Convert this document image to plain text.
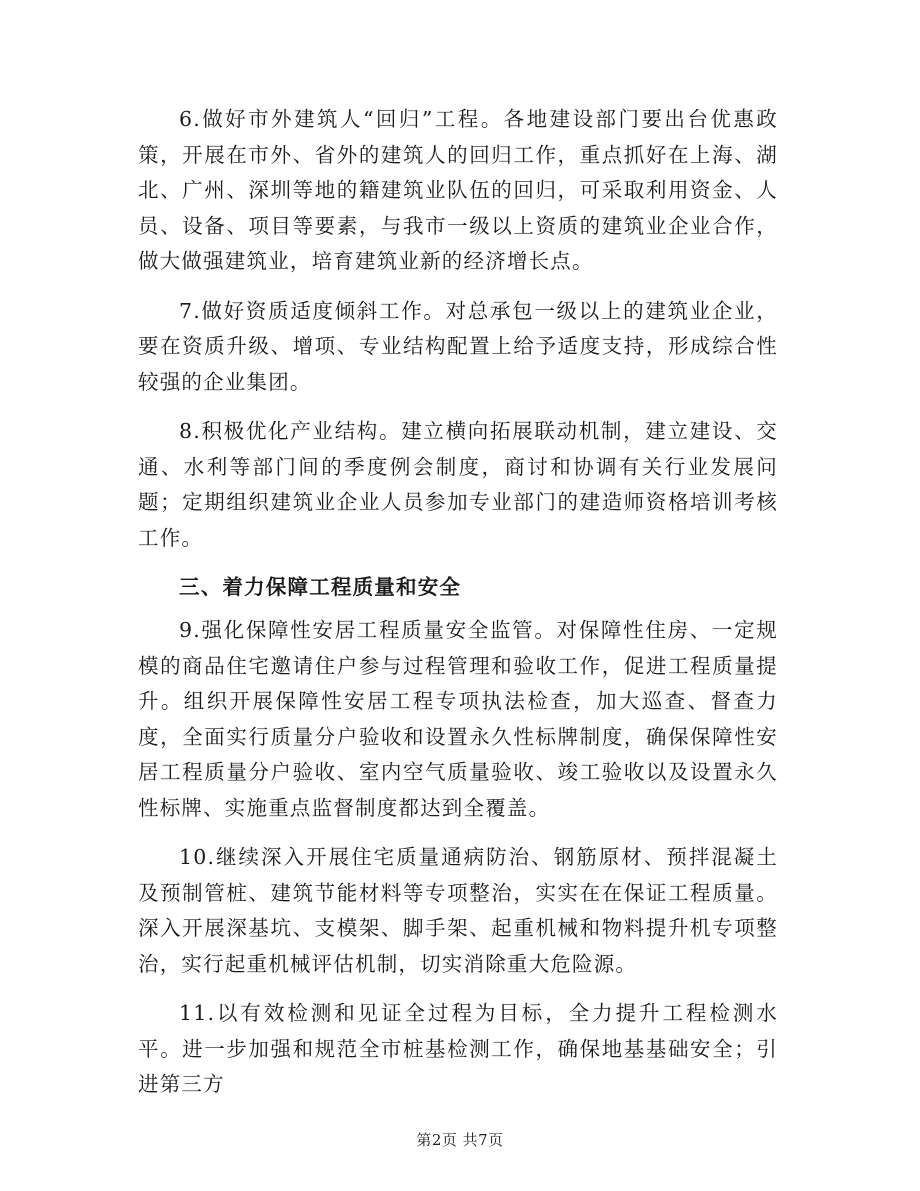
6.做好市外建筑人“回归”工程。各地建设部门要出台优惠政策，开展在市外、省外的建筑人的回归工作，重点抓好在上海、湖北、广州、深圳等地的籍建筑业队伍的回归，可采取利用资金、人员、设备、项目等要素，与我市一级以上资质的建筑业企业合作，做大做强建筑业，培育建筑业新的经济增长点。

7.做好资质适度倾斜工作。对总承包一级以上的建筑业企业，要在资质升级、增项、专业结构配置上给予适度支持，形成综合性较强的企业集团。

8.积极优化产业结构。建立横向拓展联动机制，建立建设、交通、水利等部门间的季度例会制度，商讨和协调有关行业发展问题；定期组织建筑业企业人员参加专业部门的建造师资格培训考核工作。

三、着力保障工程质量和安全

9.强化保障性安居工程质量安全监管。对保障性住房、一定规模的商品住宅邀请住户参与过程管理和验收工作，促进工程质量提升。组织开展保障性安居工程专项执法检查，加大巡查、督查力度，全面实行质量分户验收和设置永久性标牌制度，确保保障性安居工程质量分户验收、室内空气质量验收、竣工验收以及设置永久性标牌、实施重点监督制度都达到全覆盖。

10.继续深入开展住宅质量通病防治、钢筋原材、预拌混凝土及预制管桩、建筑节能材料等专项整治，实实在在保证工程质量。深入开展深基坑、支模架、脚手架、起重机械和物料提升机专项整治，实行起重机械评估机制，切实消除重大危险源。

11.以有效检测和见证全过程为目标，全力提升工程检测水平。进一步加强和规范全市桩基检测工作，确保地基基础安全；引进第三方

第2页 共7页
